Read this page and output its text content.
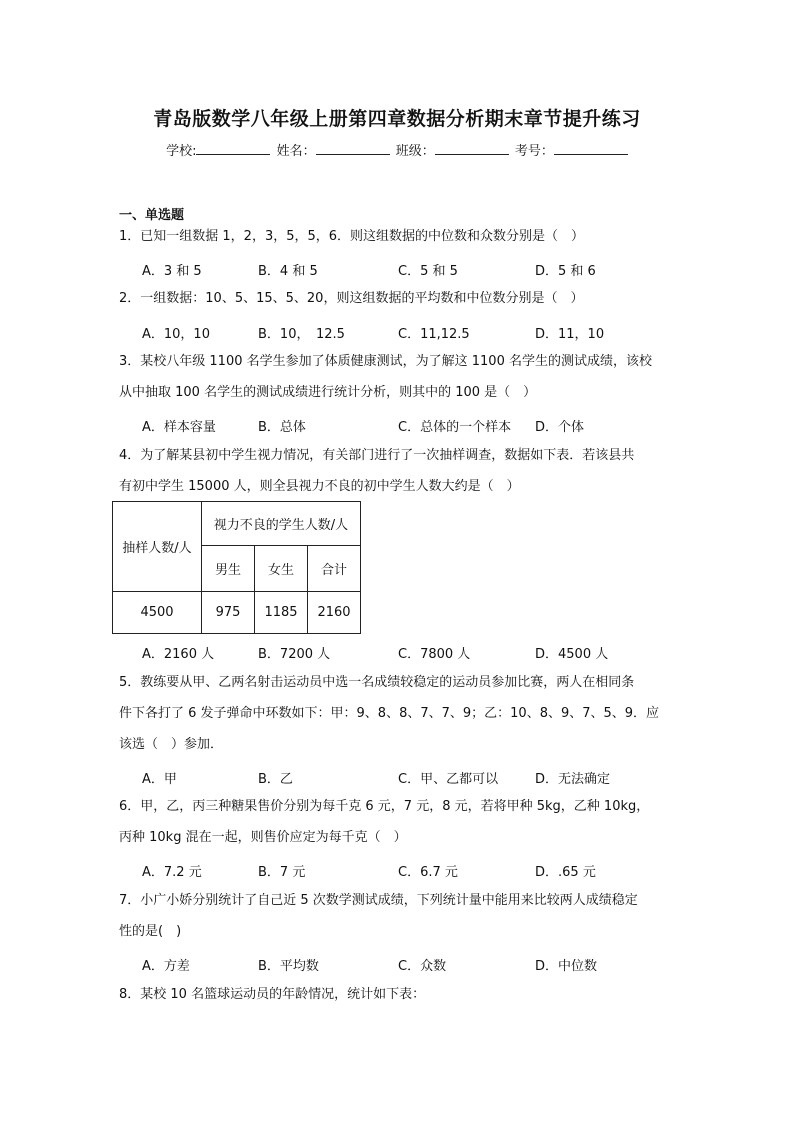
青岛版数学八年级上册第四章数据分析期末章节提升练习
学校:	姓名：	班级：	考号：
一、单选题
1．已知一组数据 1，2，3，5，5，6．则这组数据的中位数和众数分别是（　）
A．3 和 5	B．4 和 5	C．5 和 5	D．5 和 6
2．一组数据：10、5、15、5、20，则这组数据的平均数和中位数分别是（　）
A．10，10	B．10，　12.5	C．11,12.5	D．11，10
3．某校八年级 1100 名学生参加了体质健康测试，为了解这 1100 名学生的测试成绩，该校
从中抽取 100 名学生的测试成绩进行统计分析，则其中的 100 是（　）
A．样本容量	B．总体	C．总体的一个样本 D．个体
4．为了解某县初中学生视力情况，有关部门进行了一次抽样调查，数据如下表．若该县共
有初中学生 15000 人，则全县视力不良的初中学生人数大约是（　）
抽样人数/人	视力不良的学生人数/人		
	男生	女生	合计
4500	975	1185	2160
A．2160 人	B．7200 人	C．7800 人	D．4500 人
5．教练要从甲、乙两名射击运动员中选一名成绩较稳定的运动员参加比赛，两人在相同条
件下各打了 6 发子弹命中环数如下：甲：9、8、8、7、7、9；乙：10、8、9、7、5、9．应
该选（　）参加．
A．甲	B．乙	C．甲、乙都可以	D．无法确定
6．甲，乙，丙三种糖果售价分别为每千克 6 元，7 元，8 元，若将甲种 5kg，乙种 10kg，
丙种 10kg 混在一起，则售价应定为每千克（　）
A．7.2 元	B．7 元	C．6.7 元	D．.65 元
7．小广小娇分别统计了自己近 5 次数学测试成绩，下列统计量中能用来比较两人成绩稳定
性的是(　)
A．方差	B．平均数	C．众数	D．中位数
8．某校 10 名篮球运动员的年龄情况，统计如下表：
